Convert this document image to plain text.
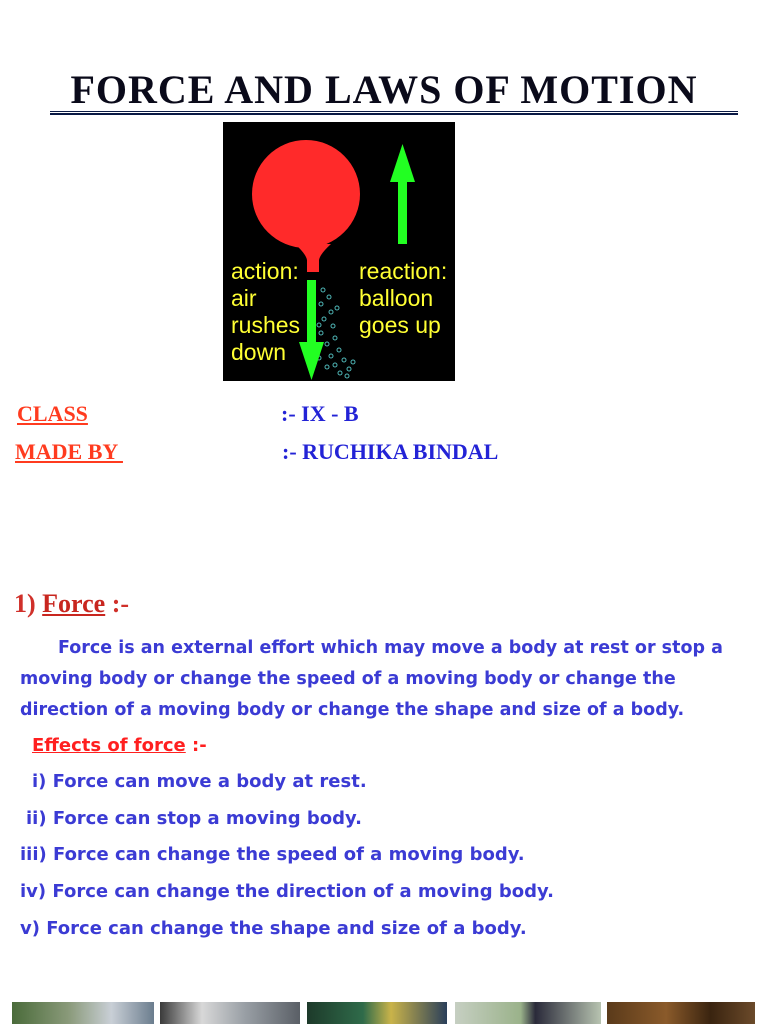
FORCE AND LAWS OF MOTION
action:
air
rushes
down
reaction:
balloon
goes up
CLASS	:- IX - B
MADE BY	:- RUCHIKA BINDAL
1) Force :-
Force is an external effort which may move a body at rest or stop a moving body or change the speed of a moving body or change the direction of a moving body or change the shape and size of a body.
Effects of force :-
i) Force can move a body at rest.
ii) Force can stop a moving body.
iii) Force can change the speed of a moving body.
iv) Force can change the direction of a moving body.
v) Force can change the shape and size of a body.
